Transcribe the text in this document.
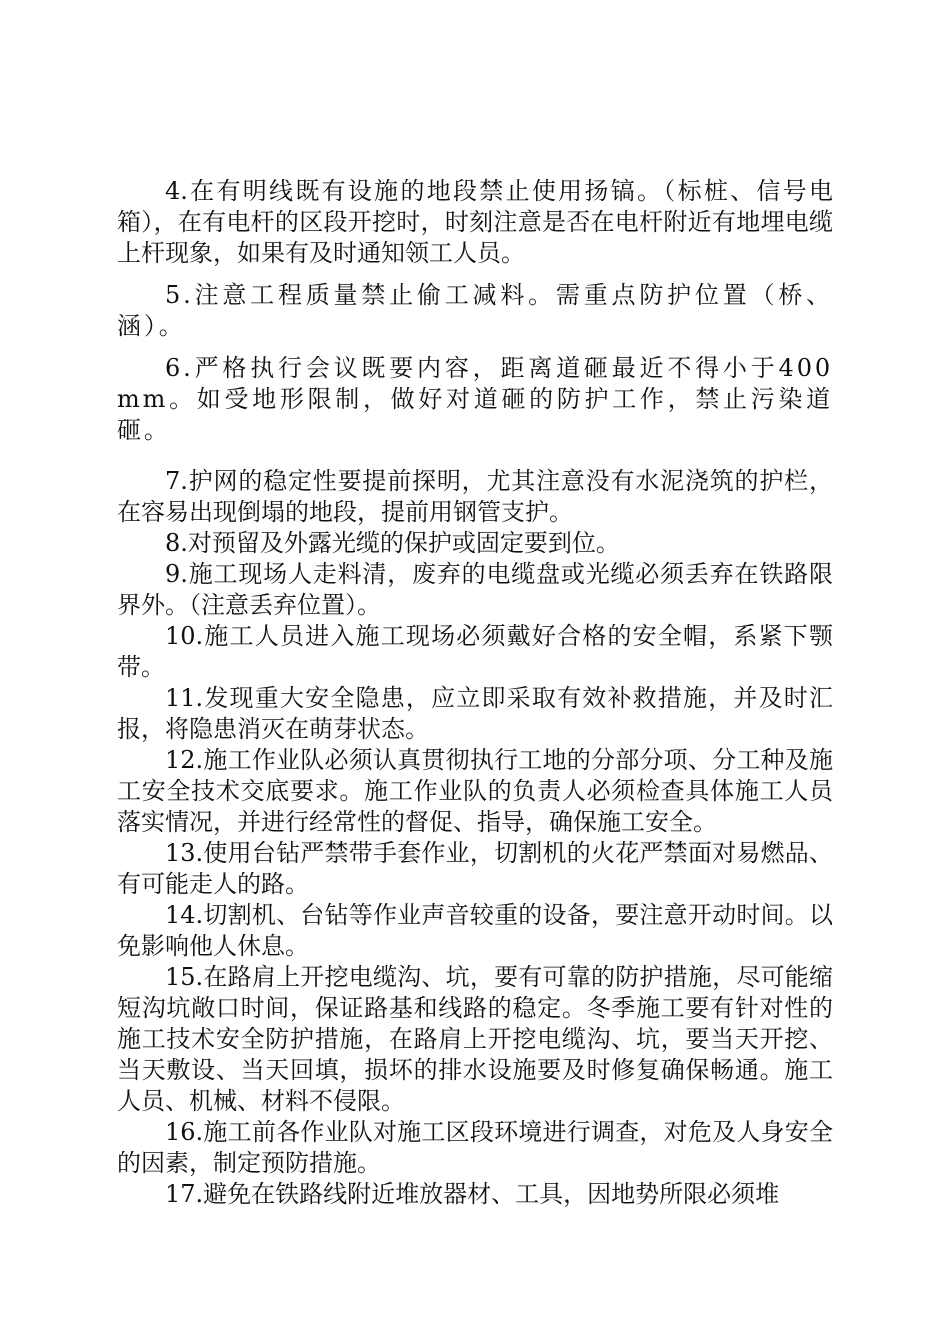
4.在有明线既有设施的地段禁止使用扬镐。（标桩、信号电箱），在有电杆的区段开挖时，时刻注意是否在电杆附近有地埋电缆上杆现象，如果有及时通知领工人员。

5.注意工程质量禁止偷工减料。需重点防护位置（桥、涵）。

6.严格执行会议既要内容，距离道砸最近不得小于400mm。如受地形限制，做好对道砸的防护工作，禁止污染道砸。

7.护网的稳定性要提前探明，尤其注意没有水泥浇筑的护栏，在容易出现倒塌的地段，提前用钢管支护。

8.对预留及外露光缆的保护或固定要到位。

9.施工现场人走料清，废弃的电缆盘或光缆必须丢弃在铁路限界外。（注意丢弃位置）。

10.施工人员进入施工现场必须戴好合格的安全帽，系紧下颚带。

11.发现重大安全隐患，应立即采取有效补救措施，并及时汇报，将隐患消灭在萌芽状态。

12.施工作业队必须认真贯彻执行工地的分部分项、分工种及施工安全技术交底要求。施工作业队的负责人必须检查具体施工人员落实情况，并进行经常性的督促、指导，确保施工安全。

13.使用台钻严禁带手套作业，切割机的火花严禁面对易燃品、有可能走人的路。

14.切割机、台钻等作业声音较重的设备，要注意开动时间。以免影响他人休息。

15.在路肩上开挖电缆沟、坑，要有可靠的防护措施，尽可能缩短沟坑敞口时间，保证路基和线路的稳定。冬季施工要有针对性的施工技术安全防护措施，在路肩上开挖电缆沟、坑，要当天开挖、当天敷设、当天回填，损坏的排水设施要及时修复确保畅通。施工人员、机械、材料不侵限。

16.施工前各作业队对施工区段环境进行调查，对危及人身安全的因素，制定预防措施。

17.避免在铁路线附近堆放器材、工具，因地势所限必须堆
